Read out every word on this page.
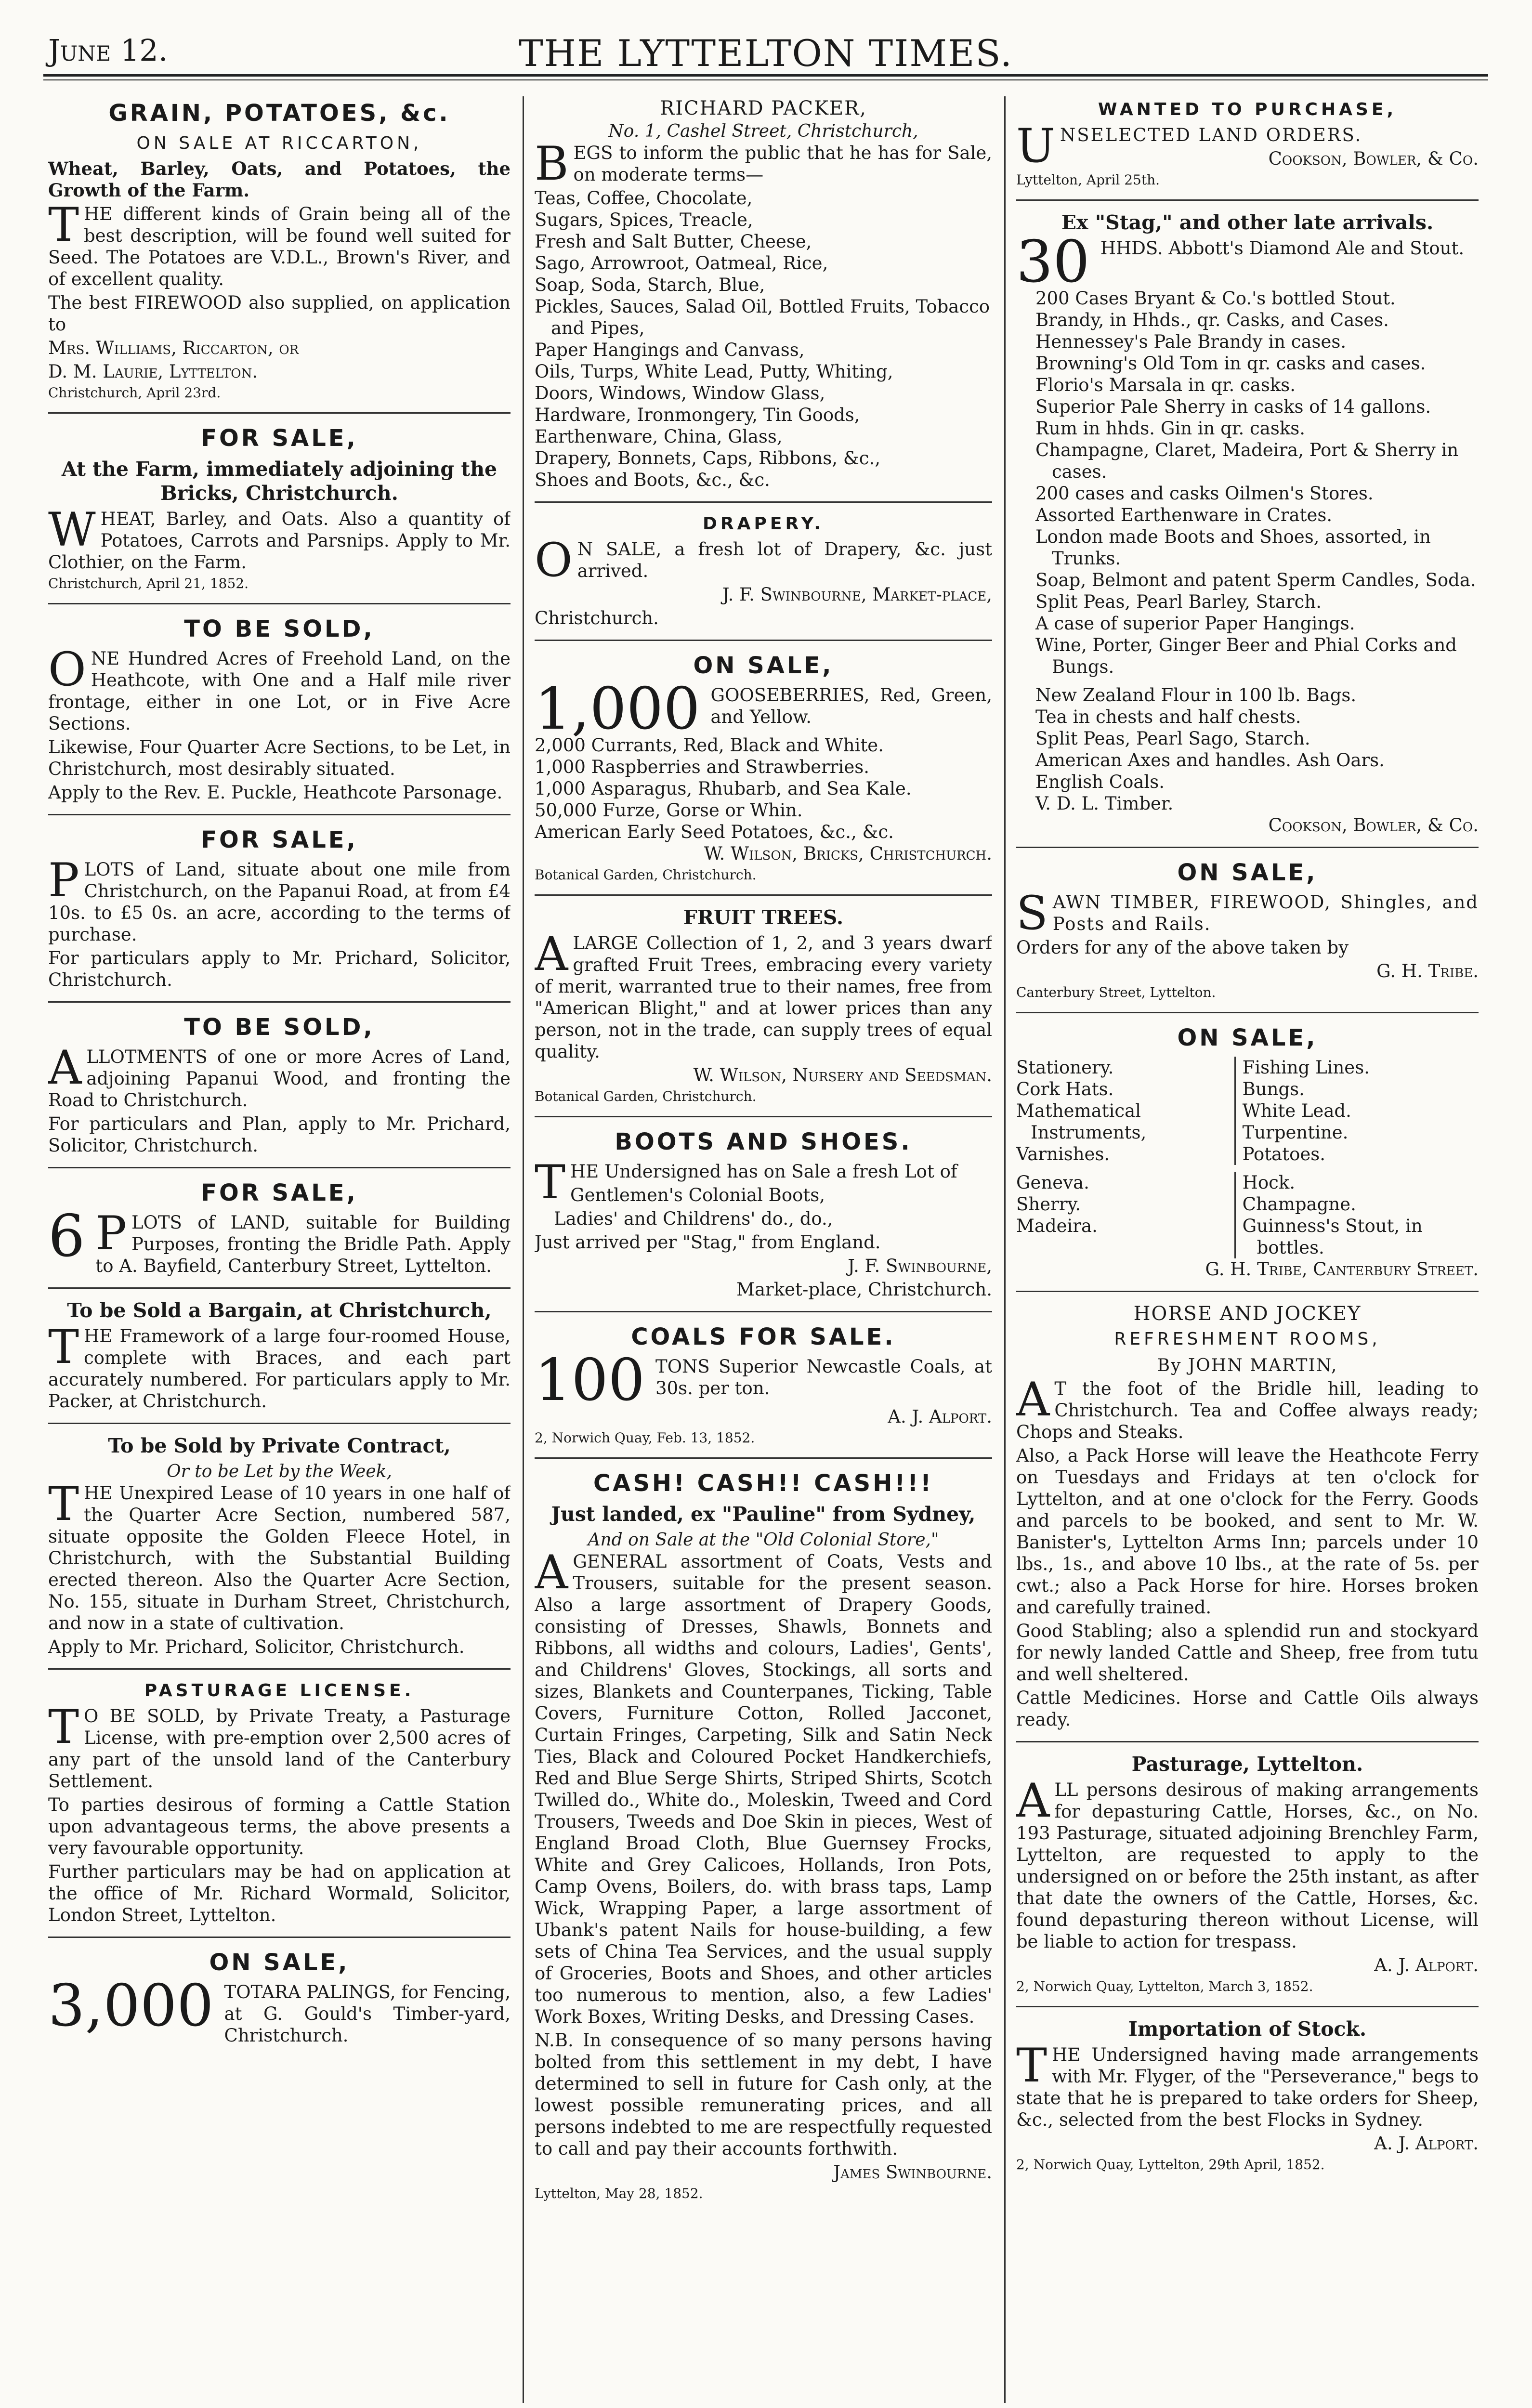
June 12.	THE LYTTELTON TIMES.
GRAIN, POTATOES, &c.
ON SALE AT RICCARTON,

Wheat, Barley, Oats, and Potatoes, the Growth of the Farm.

THE different kinds of Grain being all of the best description, will be found well suited for Seed. The Potatoes are V.D.L., Brown's River, and of excellent quality.

The best FIREWOOD also supplied, on application to

Mrs. Williams, Riccarton, or

D. M. Laurie, Lyttelton.

Christchurch, April 23rd.

FOR SALE,
At the Farm, immediately adjoining the Bricks, Christchurch.

WHEAT, Barley, and Oats. Also a quantity of Potatoes, Carrots and Parsnips. Apply to Mr. Clothier, on the Farm.

Christchurch, April 21, 1852.

TO BE SOLD,

ONE Hundred Acres of Freehold Land, on the Heathcote, with One and a Half mile river frontage, either in one Lot, or in Five Acre Sections.

Likewise, Four Quarter Acre Sections, to be Let, in Christchurch, most desirably situated.

Apply to the Rev. E. Puckle, Heathcote Parsonage.

FOR SALE,

PLOTS of Land, situate about one mile from Christchurch, on the Papanui Road, at from £4 10s. to £5 0s. an acre, according to the terms of purchase.

For particulars apply to Mr. Prichard, Solicitor, Christchurch.

TO BE SOLD,

ALLOTMENTS of one or more Acres of Land, adjoining Papanui Wood, and fronting the Road to Christchurch.

For particulars and Plan, apply to Mr. Prichard, Solicitor, Christchurch.

FOR SALE,

6 P LOTS of LAND, suitable for Building Purposes, fronting the Bridle Path. Apply to A. Bayfield, Canterbury Street, Lyttelton.

To be Sold a Bargain, at Christchurch,

THE Framework of a large four-roomed House, complete with Braces, and each part accurately numbered. For particulars apply to Mr. Packer, at Christchurch.

To be Sold by Private Contract,
Or to be Let by the Week,

THE Unexpired Lease of 10 years in one half of the Quarter Acre Section, numbered 587, situate opposite the Golden Fleece Hotel, in Christchurch, with the Substantial Building erected thereon. Also the Quarter Acre Section, No. 155, situate in Durham Street, Christchurch, and now in a state of cultivation.

Apply to Mr. Prichard, Solicitor, Christchurch.

PASTURAGE LICENSE.

T O BE SOLD, by Private Treaty, a Pasturage License, with pre-emption over 2,500 acres of any part of the unsold land of the Canterbury Settlement.

To parties desirous of forming a Cattle Station upon advantageous terms, the above presents a very favourable opportunity.

Further particulars may be had on application at the office of Mr. Richard Wormald, Solicitor, London Street, Lyttelton.

ON SALE,

3,000 TOTARA PALINGS, for Fencing, at G. Gould's Timber-yard, Christchurch.

RICHARD PACKER,
No. 1, Cashel Street, Christchurch,

BEGS to inform the public that he has for Sale, on moderate terms—

Teas, Coffee, Chocolate,
Sugars, Spices, Treacle,
Fresh and Salt Butter, Cheese,
Sago, Arrowroot, Oatmeal, Rice,
Soap, Soda, Starch, Blue,
Pickles, Sauces, Salad Oil, Bottled Fruits, Tobacco and Pipes,
Paper Hangings and Canvass,
Oils, Turps, White Lead, Putty, Whiting,
Doors, Windows, Window Glass,
Hardware, Ironmongery, Tin Goods,
Earthenware, China, Glass,
Drapery, Bonnets, Caps, Ribbons, &c.,
Shoes and Boots, &c., &c.
DRAPERY.

O N SALE, a fresh lot of Drapery, &c. just arrived.

J. F. Swinbourne, Market-place,

Christchurch.

ON SALE,

1,000 GOOSEBERRIES, Red, Green, and Yellow.

2,000 Currants, Red, Black and White.
1,000 Raspberries and Strawberries.
1,000 Asparagus, Rhubarb, and Sea Kale.
50,000 Furze, Gorse or Whin.
American Early Seed Potatoes, &c., &c.

W. Wilson, Bricks, Christchurch.

Botanical Garden, Christchurch.

FRUIT TREES.

ALARGE Collection of 1, 2, and 3 years dwarf grafted Fruit Trees, embracing every variety of merit, warranted true to their names, free from "American Blight," and at lower prices than any person, not in the trade, can supply trees of equal quality.

W. Wilson, Nursery and Seedsman.

Botanical Garden, Christchurch.

BOOTS AND SHOES.

THE Undersigned has on Sale a fresh Lot of

Gentlemen's Colonial Boots,

Ladies' and Childrens' do., do.,

Just arrived per "Stag," from England.

J. F. Swinbourne,

Market-place, Christchurch.

COALS FOR SALE.

100 TONS Superior Newcastle Coals, at 30s. per ton.

A. J. Alport.

2, Norwich Quay, Feb. 13, 1852.

CASH! CASH!! CASH!!!
Just landed, ex "Pauline" from Sydney,
And on Sale at the "Old Colonial Store,"

AGENERAL assortment of Coats, Vests and Trousers, suitable for the present season. Also a large assortment of Drapery Goods, consisting of Dresses, Shawls, Bonnets and Ribbons, all widths and colours, Ladies', Gents', and Childrens' Gloves, Stockings, all sorts and sizes, Blankets and Counterpanes, Ticking, Table Covers, Furniture Cotton, Rolled Jacconet, Curtain Fringes, Carpeting, Silk and Satin Neck Ties, Black and Coloured Pocket Handkerchiefs, Red and Blue Serge Shirts, Striped Shirts, Scotch Twilled do., White do., Moleskin, Tweed and Cord Trousers, Tweeds and Doe Skin in pieces, West of England Broad Cloth, Blue Guernsey Frocks, White and Grey Calicoes, Hollands, Iron Pots, Camp Ovens, Boilers, do. with brass taps, Lamp Wick, Wrapping Paper, a large assortment of Ubank's patent Nails for house-building, a few sets of China Tea Services, and the usual supply of Groceries, Boots and Shoes, and other articles too numerous to mention, also, a few Ladies' Work Boxes, Writing Desks, and Dressing Cases.

N.B. In consequence of so many persons having bolted from this settlement in my debt, I have determined to sell in future for Cash only, at the lowest possible remunerating prices, and all persons indebted to me are respectfully requested to call and pay their accounts forthwith.

James Swinbourne.

Lyttelton, May 28, 1852.

WANTED TO PURCHASE,

UNSELECTED LAND ORDERS.

Cookson, Bowler, & Co.

Lyttelton, April 25th.

Ex "Stag," and other late arrivals.

30 HHDS. Abbott's Diamond Ale and Stout.

200 Cases Bryant & Co.'s bottled Stout.
Brandy, in Hhds., qr. Casks, and Cases.
Hennessey's Pale Brandy in cases.
Browning's Old Tom in qr. casks and cases.
Florio's Marsala in qr. casks.
Superior Pale Sherry in casks of 14 gallons.
Rum in hhds. Gin in qr. casks.
Champagne, Claret, Madeira, Port & Sherry in cases.
200 cases and casks Oilmen's Stores.
Assorted Earthenware in Crates.
London made Boots and Shoes, assorted, in Trunks.
Soap, Belmont and patent Sperm Candles, Soda.
Split Peas, Pearl Barley, Starch.
A case of superior Paper Hangings.
Wine, Porter, Ginger Beer and Phial Corks and Bungs.
New Zealand Flour in 100 lb. Bags.
Tea in chests and half chests.
Split Peas, Pearl Sago, Starch.
American Axes and handles. Ash Oars.
English Coals.
V. D. L. Timber.

Cookson, Bowler, & Co.

ON SALE,

SAWN TIMBER, FIREWOOD, Shingles, and Posts and Rails.

Orders for any of the above taken by

G. H. Tribe.

Canterbury Street, Lyttelton.

ON SALE,
Stationery.
Cork Hats.
Mathematical Instruments,
Varnishes.
Fishing Lines.
Bungs.
White Lead.
Turpentine.
Potatoes.
Geneva.
Sherry.
Madeira.
Hock.
Champagne.
Guinness's Stout, in bottles.

G. H. Tribe, Canterbury Street.

HORSE AND JOCKEY
REFRESHMENT ROOMS,
By JOHN MARTIN,

A T the foot of the Bridle hill, leading to Christchurch. Tea and Coffee always ready; Chops and Steaks.

Also, a Pack Horse will leave the Heathcote Ferry on Tuesdays and Fridays at ten o'clock for Lyttelton, and at one o'clock for the Ferry. Goods and parcels to be booked, and sent to Mr. W. Banister's, Lyttelton Arms Inn; parcels under 10 lbs., 1s., and above 10 lbs., at the rate of 5s. per cwt.; also a Pack Horse for hire. Horses broken and carefully trained.

Good Stabling; also a splendid run and stockyard for newly landed Cattle and Sheep, free from tutu and well sheltered.

Cattle Medicines. Horse and Cattle Oils always ready.

Pasturage, Lyttelton.

ALL persons desirous of making arrangements for depasturing Cattle, Horses, &c., on No. 193 Pasturage, situated adjoining Brenchley Farm, Lyttelton, are requested to apply to the undersigned on or before the 25th instant, as after that date the owners of the Cattle, Horses, &c. found depasturing thereon without License, will be liable to action for trespass.

A. J. Alport.

2, Norwich Quay, Lyttelton, March 3, 1852.

Importation of Stock.

THE Undersigned having made arrangements with Mr. Flyger, of the "Perseverance," begs to state that he is prepared to take orders for Sheep, &c., selected from the best Flocks in Sydney.

A. J. Alport.

2, Norwich Quay, Lyttelton, 29th April, 1852.
